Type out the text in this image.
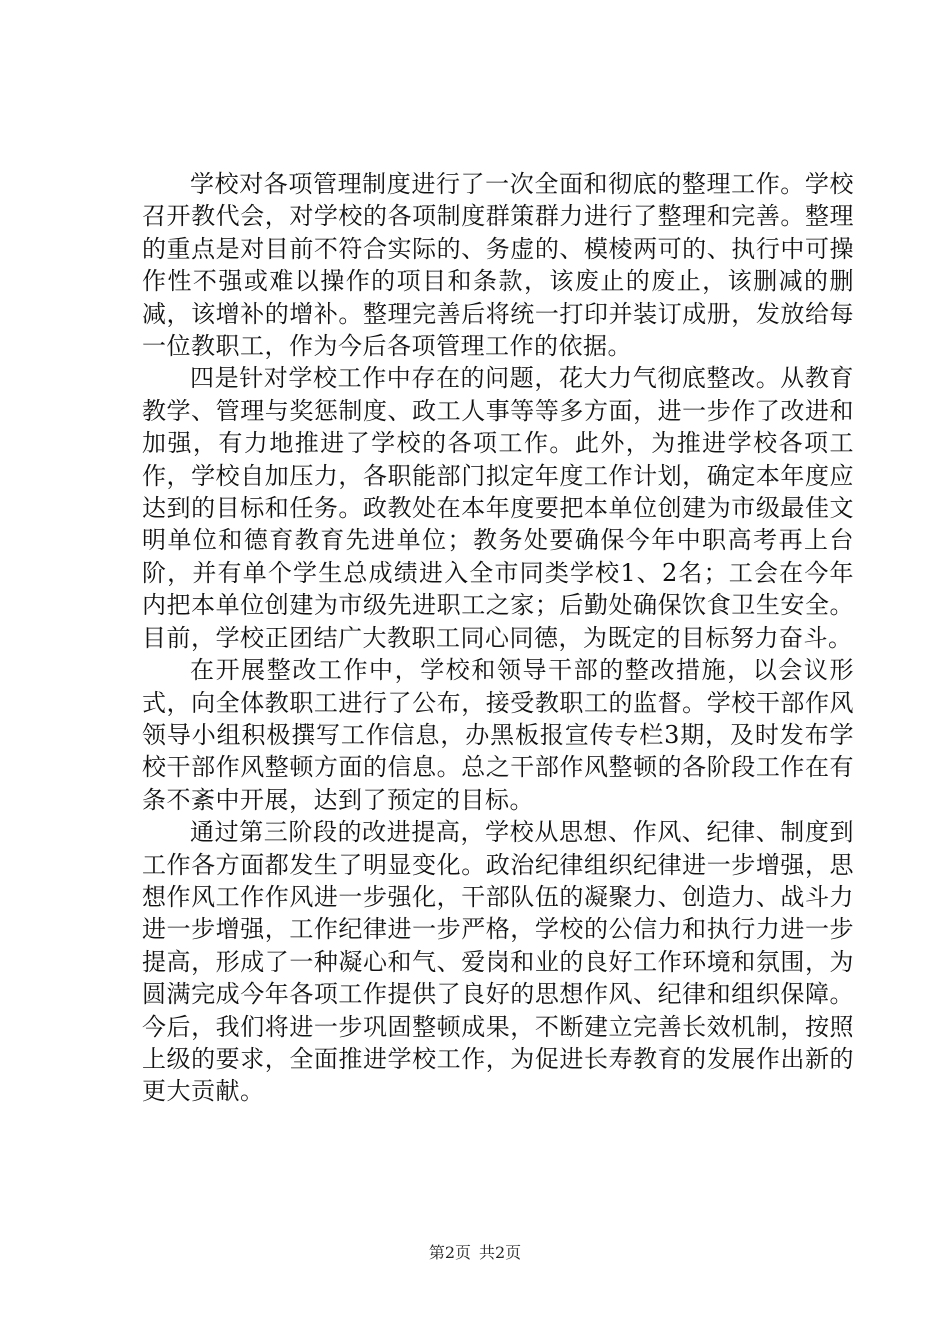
学校对各项管理制度进行了一次全面和彻底的整理工作。学校召开教代会，对学校的各项制度群策群力进行了整理和完善。整理的重点是对目前不符合实际的、务虚的、模棱两可的、执行中可操作性不强或难以操作的项目和条款，该废止的废止，该删减的删减，该增补的增补。整理完善后将统一打印并装订成册，发放给每一位教职工，作为今后各项管理工作的依据。

四是针对学校工作中存在的问题，花大力气彻底整改。从教育教学、管理与奖惩制度、政工人事等等多方面，进一步作了改进和加强，有力地推进了学校的各项工作。此外，为推进学校各项工作，学校自加压力，各职能部门拟定年度工作计划，确定本年度应达到的目标和任务。政教处在本年度要把本单位创建为市级最佳文明单位和德育教育先进单位；教务处要确保今年中职高考再上台阶，并有单个学生总成绩进入全市同类学校1、2名；工会在今年内把本单位创建为市级先进职工之家；后勤处确保饮食卫生安全。目前，学校正团结广大教职工同心同德，为既定的目标努力奋斗。

在开展整改工作中，学校和领导干部的整改措施，以会议形式，向全体教职工进行了公布，接受教职工的监督。学校干部作风领导小组积极撰写工作信息，办黑板报宣传专栏3期，及时发布学校干部作风整顿方面的信息。总之干部作风整顿的各阶段工作在有条不紊中开展，达到了预定的目标。

通过第三阶段的改进提高，学校从思想、作风、纪律、制度到工作各方面都发生了明显变化。政治纪律组织纪律进一步增强，思想作风工作作风进一步强化，干部队伍的凝聚力、创造力、战斗力进一步增强，工作纪律进一步严格，学校的公信力和执行力进一步提高，形成了一种凝心和气、爱岗和业的良好工作环境和氛围，为圆满完成今年各项工作提供了良好的思想作风、纪律和组织保障。今后，我们将进一步巩固整顿成果，不断建立完善长效机制，按照上级的要求，全面推进学校工作，为促进长寿教育的发展作出新的更大贡献。

第2页 共2页
